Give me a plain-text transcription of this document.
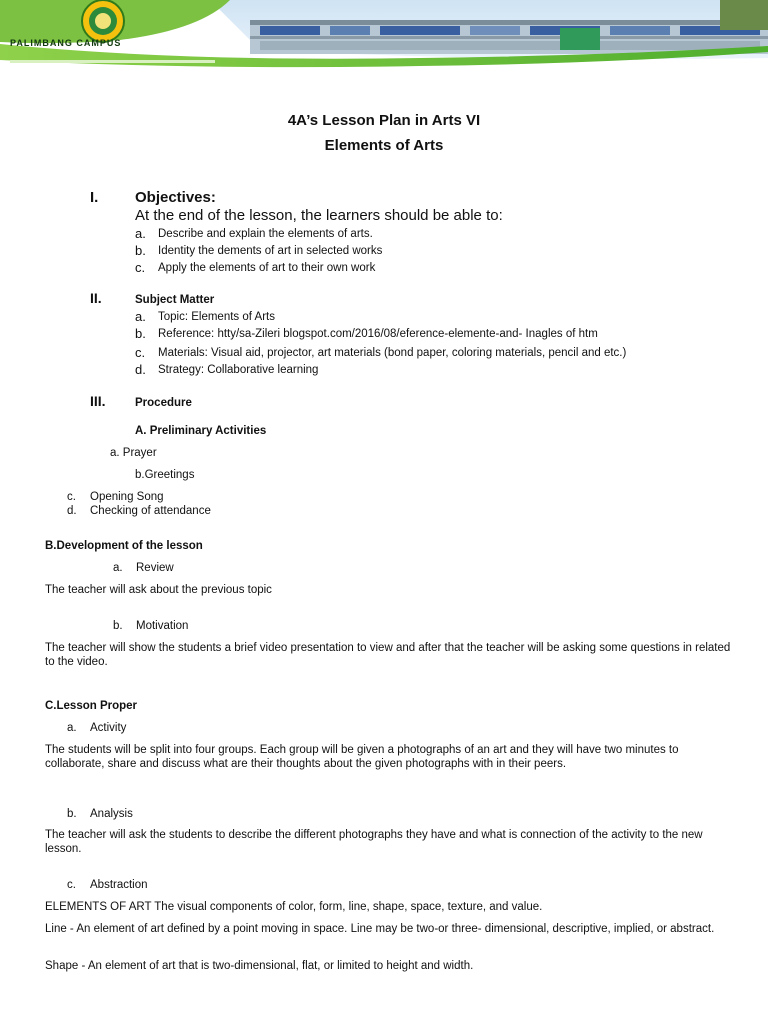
PALIMBANG CAMPUS
4A’s Lesson Plan in Arts VI
Elements of Arts
I. Objectives:
At the end of the lesson, the learners should be able to:
a. Describe and explain the elements of arts.
b. Identity the dements of art in selected works
c. Apply the elements of art to their own work
II.	Subject Matter
a. Topic: Elements of Arts
b. Reference: htty/sa-Zileri blogspot.com/2016/08/eference-elemente-and- Inagles of htm
c. Materials: Visual aid, projector, art materials (bond paper, coloring materials, pencil and etc.)
d. Strategy: Collaborative learning
III.	Procedure
A. Preliminary Activities
a. Prayer
b.Greetings
c. Opening Song
d. Checking of attendance
B.Development of the lesson
a. Review
The teacher will ask about the previous topic
b. Motivation
The teacher will show the students a brief video presentation to view and after that the teacher will be asking some questions in related to the video.
C.Lesson Proper
a. Activity
The students will be split into four groups. Each group will be given a photographs of an art and they will have two minutes to collaborate, share and discuss what are their thoughts about the given photographs with in their peers.
b. Analysis
The teacher will ask the students to describe the different photographs they have and what is connection of the activity to the new lesson.
c. Abstraction
ELEMENTS OF ART The visual components of color, form, line, shape, space, texture, and value.
Line - An element of art defined by a point moving in space. Line may be two-or three- dimensional, descriptive, implied, or abstract.
Shape - An element of art that is two-dimensional, flat, or limited to height and width.
